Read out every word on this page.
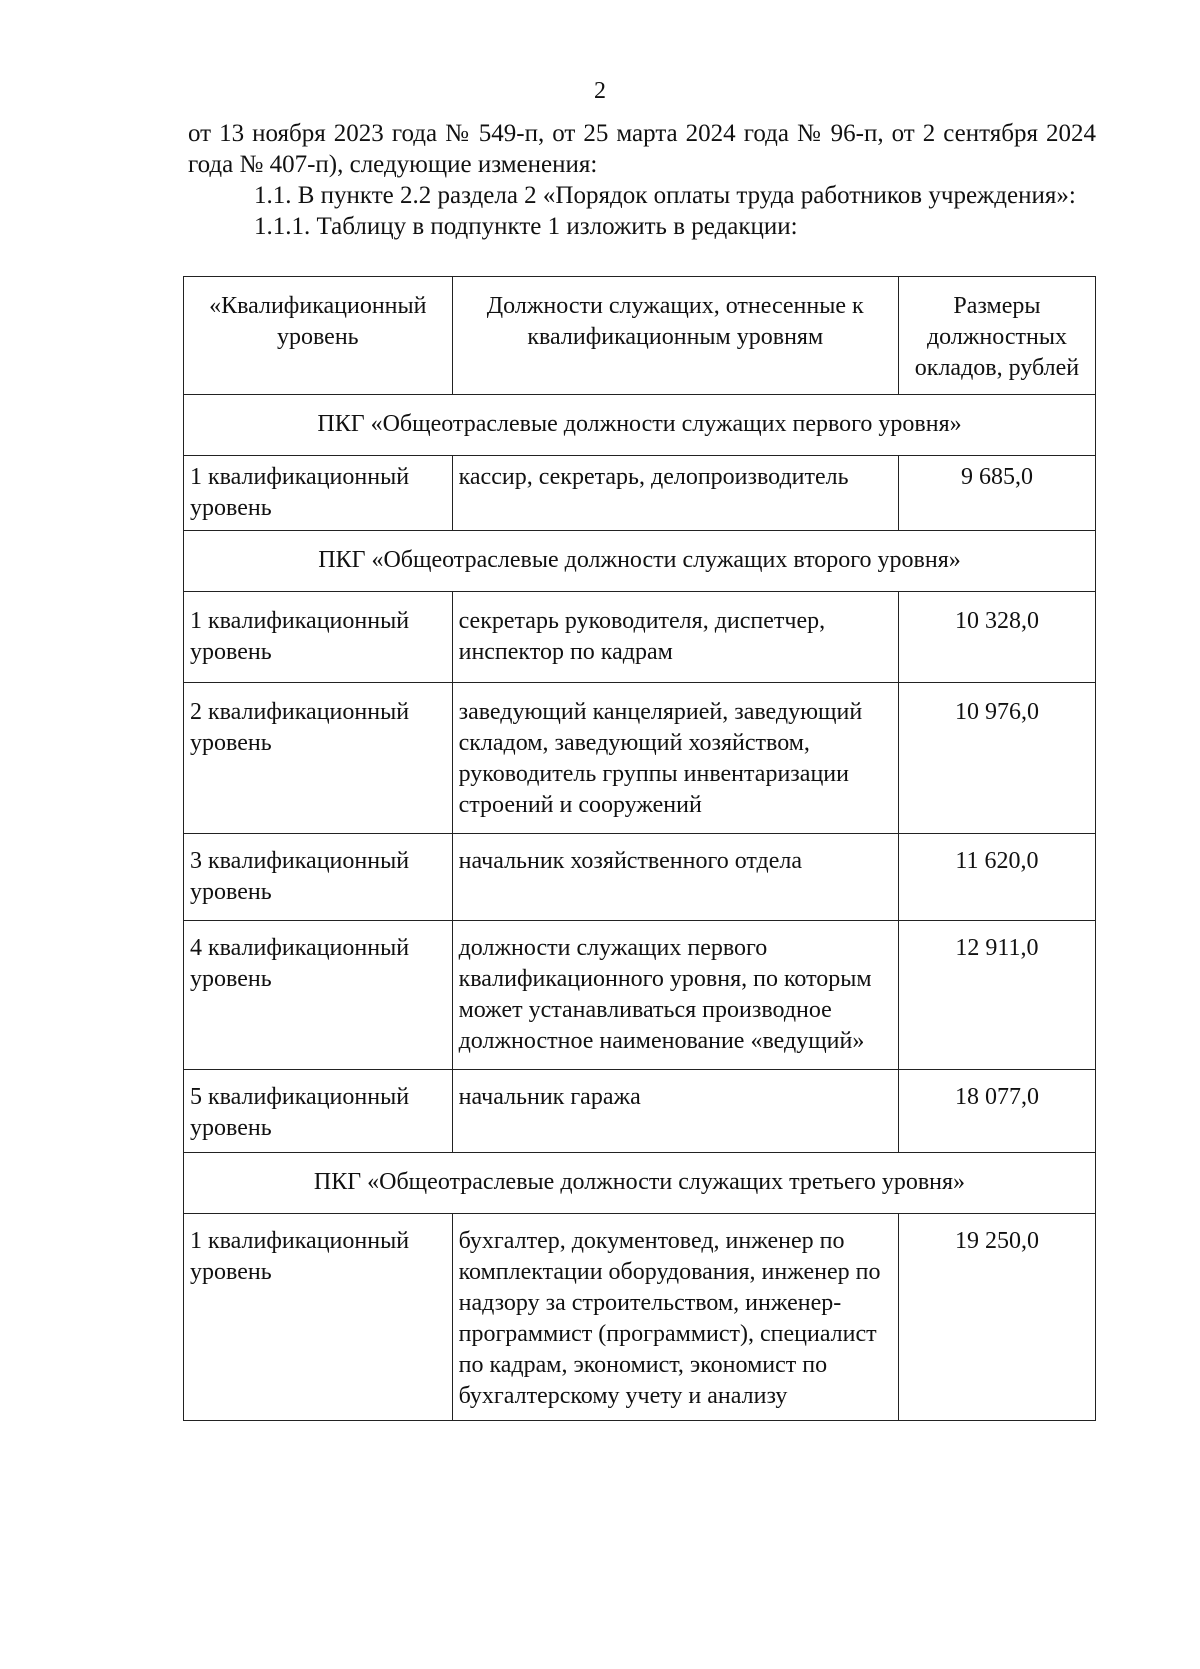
2

от 13 ноября 2023 года № 549-п, от 25 марта 2024 года № 96-п, от 2 сентября 2024 года № 407-п), следующие изменения:

1.1. В пункте 2.2 раздела 2 «Порядок оплаты труда работников учреждения»:

1.1.1. Таблицу в подпункте 1 изложить в редакции:

«Квалификационный уровень	Должности служащих, отнесенные к квалификационным уровням	Размеры должностных окладов, рублей
ПКГ «Общеотраслевые должности служащих первого уровня»		
1 квалификационный уровень	кассир, секретарь, делопроизводитель	9 685,0
ПКГ «Общеотраслевые должности служащих второго уровня»		
1 квалификационный уровень	секретарь руководителя, диспетчер, инспектор по кадрам	10 328,0
2 квалификационный уровень	заведующий канцелярией, заведующий складом, заведующий хозяйством, руководитель группы инвентаризации строений и сооружений	10 976,0
3 квалификационный уровень	начальник хозяйственного отдела	11 620,0
4 квалификационный уровень	должности служащих первого квалификационного уровня, по которым может устанавливаться производное должностное наименование «ведущий»	12 911,0
5 квалификационный уровень	начальник гаража	18 077,0
ПКГ «Общеотраслевые должности служащих третьего уровня»		
1 квалификационный уровень	бухгалтер, документовед, инженер по комплектации оборудования, инженер по надзору за строительством, инженер-программист (программист), специалист по кадрам, экономист, экономист по бухгалтерскому учету и анализу	19 250,0
